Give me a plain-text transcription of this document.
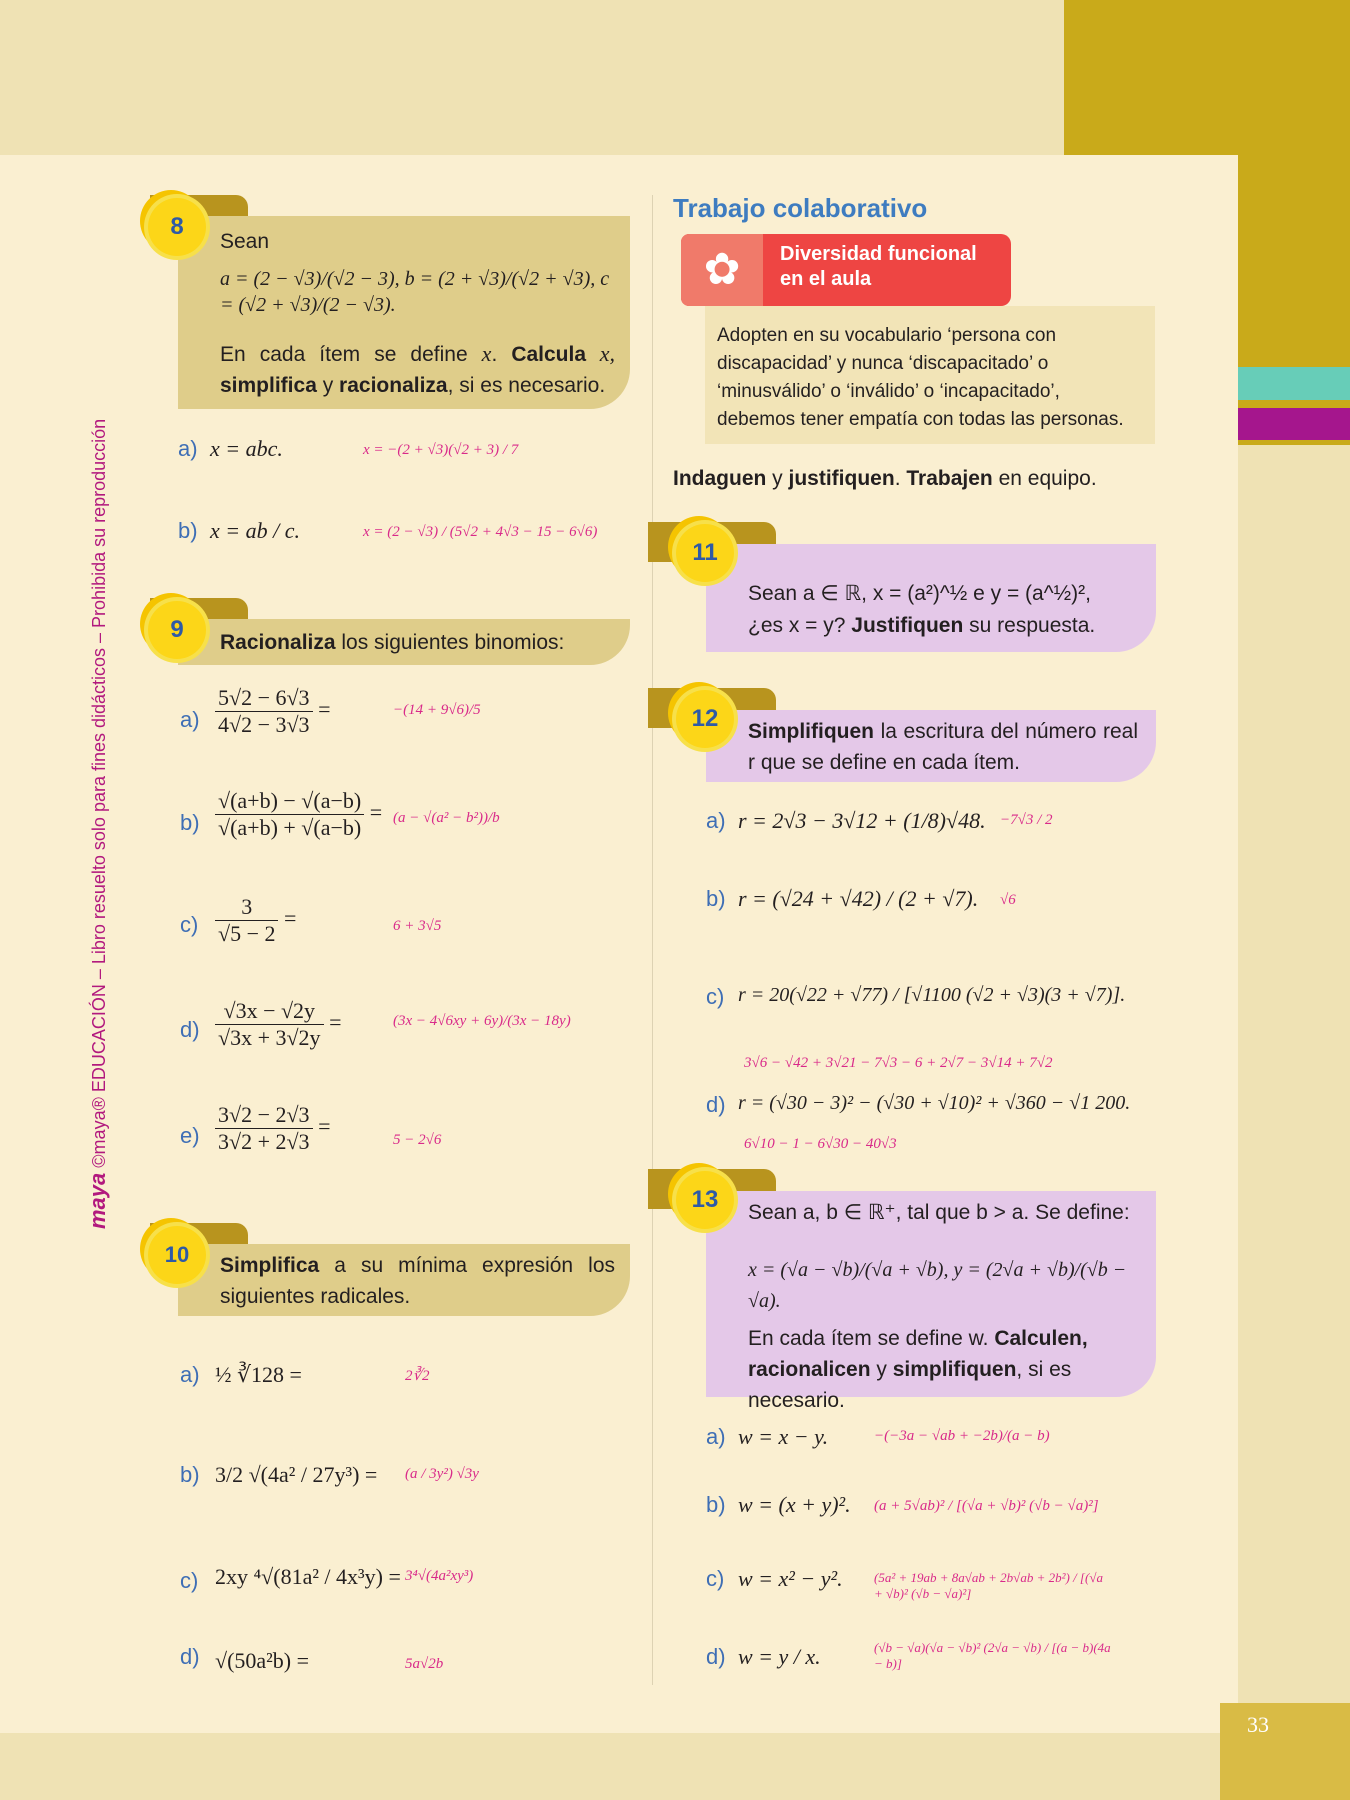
33
maya ©maya® EDUCACIÓN – Libro resuelto solo para fines didácticos – Prohibida su reproducción
Sean
a = (2 − √3)/(√2 − 3), b = (2 + √3)/(√2 + √3), c = (√2 + √3)/(2 − √3).
En cada ítem se define x. Calcula x, simplifica y racionaliza, si es necesario.
8
a) x = abc.	x = −(2 + √3)(√2 + 3) / 7
b) x = ab / c.	x = (2 − √3) / (5√2 + 4√3 − 15 − 6√6)
Racionaliza los siguientes binomios:
9
$a) \frac{5√2 - 6√3}{4√2 - 3√3}$ =	−(14 + 9√6)/5
$b) \frac{√(a+b) - √(a-b)}{√(a+b) + √(a-b)} = (a - √(a^2 - b^2))/b$
$c) \frac{3}{√5 - 2}$ =	6 + 3√5
$d) \frac{√3x - √2y}{√3x + 3√2y}$ =	(3x − 4√6xy + 6y)/(3x − 18y)
$e) \frac{3√2 - 2√3}{3√2 + 2√3}$ =
5 − 2√6
Simplifica a su mínima expresión los siguientes radicales.
10
a) ½ ∛128 =	2∛2
b) 3/2 √(4a² / 27y³) = (a / 3y²) √3y
c) 2xy ⁴√(81a² / 4x³y) = 3⁴√(4a²xy³)
d) √(50a²b) =	5a√2b
Trabajo colaborativo
✿	Diversidad funcional en el aula
Adopten en su vocabulario ‘persona con discapacidad’ y nunca ‘discapacitado’ o ‘minusválido’ o ‘inválido’ o ‘incapacitado’, debemos tener empatía con todas las personas.
Indaguen y justifiquen. Trabajen en equipo.
Sean a ∈ ℝ, x = (a²)^½ e y = (a^½)²,
¿es x = y? Justifiquen su respuesta.
11
Simplifiquen la escritura del número real r que se define en cada ítem.
12
a) r = 2√3 − 3√12 + (1/8)√48. −7√3 / 2
b) r = (√24 + √42) / (2 + √7). √6
c) r = 20(√22 + √77) / [√1100 (√2 + √3)(3 + √7)].
3√6 − √42 + 3√21 − 7√3 − 6 + 2√7 − 3√14 + 7√2
d) r = (√30 − 3)² − (√30 + √10)² + √360 − √1 200.
6√10 − 1 − 6√30 − 40√3
Sean a, b ∈ ℝ⁺, tal que b > a. Se define:
x = (√a − √b)/(√a + √b), y = (2√a + √b)/(√b − √a).
En cada ítem se define w. Calculen, racionalicen y simplifiquen, si es necesario.
13
a) w = x − y.	−(−3a − √ab + −2b)/(a − b)
b) w = (x + y)². (a + 5√ab)² / [(√a + √b)² (√b − √a)²]
c) w = x² − y². (5a² + 19ab + 8a√ab + 2b√ab + 2b²) / [(√a + √b)² (√b − √a)²]
d) w = y / x.	(√b − √a)(√a − √b)² (2√a − √b) / [(a − b)(4a − b)]
